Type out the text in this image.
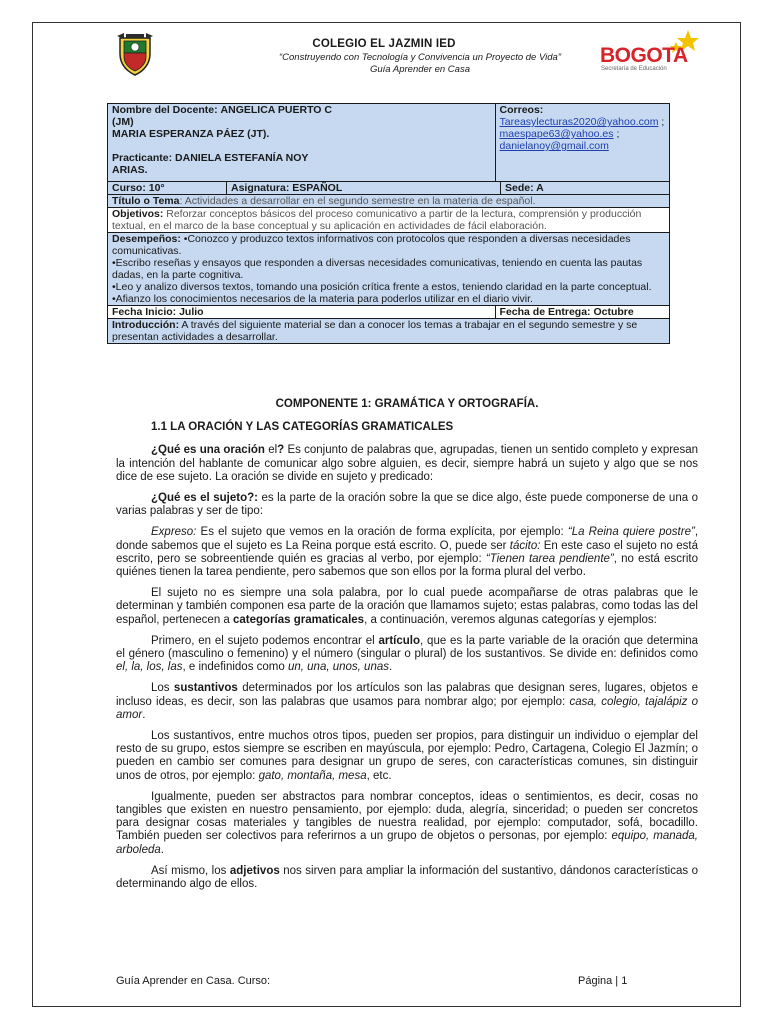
COLEGIO EL JAZMIN IED
“Construyendo con Tecnología y Convivencia un Proyecto de Vida”
Guía Aprender en Casa
BOGOTA
Secretaría de Educación
Nombre del Docente: ANGELICA PUERTO C
(JM)
MARIA ESPERANZA PÁEZ (JT).

Practicante: DANIELA ESTEFANÍA NOY
ARIAS.		Correos:
Tareasylecturas2020@yahoo.com ;
maespape63@yahoo.es ;
danielanoy@gmail.com	
Curso: 10°	Asignatura: ESPAÑOL		Sede: A
Título o Tema: Actividades a desarrollar en el segundo semestre en la materia de español.			
Objetivos: Reforzar conceptos básicos del proceso comunicativo a partir de la lectura, comprensión y producción textual, en el marco de la base conceptual y su aplicación en actividades de fácil elaboración.			
Desempeños: •Conozco y produzco textos informativos con protocolos que responden a diversas necesidades comunicativas.
•Escribo reseñas y ensayos que responden a diversas necesidades comunicativas, teniendo en cuenta las pautas dadas, en la parte cognitiva.
•Leo y analizo diversos textos, tomando una posición crítica frente a estos, teniendo claridad en la parte conceptual.
•Afianzo los conocimientos necesarios de la materia para poderlos utilizar en el diario vivir.			
Fecha Inicio: Julio		Fecha de Entrega: Octubre	
Introducción: A través del siguiente material se dan a conocer los temas a trabajar en el segundo semestre y se presentan actividades a desarrollar.			

COMPONENTE 1: GRAMÁTICA Y ORTOGRAFÍA.

1.1 LA ORACIÓN Y LAS CATEGORÍAS GRAMATICALES

¿Qué es una oración el? Es conjunto de palabras que, agrupadas, tienen un sentido completo y expresan la intención del hablante de comunicar algo sobre alguien, es decir, siempre habrá un sujeto y algo que se nos dice de ese sujeto. La oración se divide en sujeto y predicado:

¿Qué es el sujeto?: es la parte de la oración sobre la que se dice algo, éste puede componerse de una o varias palabras y ser de tipo:

Expreso: Es el sujeto que vemos en la oración de forma explícita, por ejemplo: “La Reina quiere postre”, donde sabemos que el sujeto es La Reina porque está escrito. O, puede ser tácito: En este caso el sujeto no está escrito, pero se sobreentiende quién es gracias al verbo, por ejemplo: “Tienen tarea pendiente”, no está escrito quiénes tienen la tarea pendiente, pero sabemos que son ellos por la forma plural del verbo.

El sujeto no es siempre una sola palabra, por lo cual puede acompañarse de otras palabras que le determinan y también componen esa parte de la oración que llamamos sujeto; estas palabras, como todas las del español, pertenecen a categorías gramaticales, a continuación, veremos algunas categorías y ejemplos:

Primero, en el sujeto podemos encontrar el artículo, que es la parte variable de la oración que determina el género (masculino o femenino) y el número (singular o plural) de los sustantivos. Se divide en: definidos como el, la, los, las, e indefinidos como un, una, unos, unas.

Los sustantivos determinados por los artículos son las palabras que designan seres, lugares, objetos e incluso ideas, es decir, son las palabras que usamos para nombrar algo; por ejemplo: casa, colegio, tajalápiz o amor.

Los sustantivos, entre muchos otros tipos, pueden ser propios, para distinguir un individuo o ejemplar del resto de su grupo, estos siempre se escriben en mayúscula, por ejemplo: Pedro, Cartagena, Colegio El Jazmín; o pueden en cambio ser comunes para designar un grupo de seres, con características comunes, sin distinguir unos de otros, por ejemplo: gato, montaña, mesa, etc.

Igualmente, pueden ser abstractos para nombrar conceptos, ideas o sentimientos, es decir, cosas no tangibles que existen en nuestro pensamiento, por ejemplo: duda, alegría, sinceridad; o pueden ser concretos para designar cosas materiales y tangibles de nuestra realidad, por ejemplo: computador, sofá, bocadillo. También pueden ser colectivos para referirnos a un grupo de objetos o personas, por ejemplo: equipo, manada, arboleda.

Así mismo, los adjetivos nos sirven para ampliar la información del sustantivo, dándonos características o determinando algo de ellos.

Guía Aprender en Casa. Curso:	Página | 1
